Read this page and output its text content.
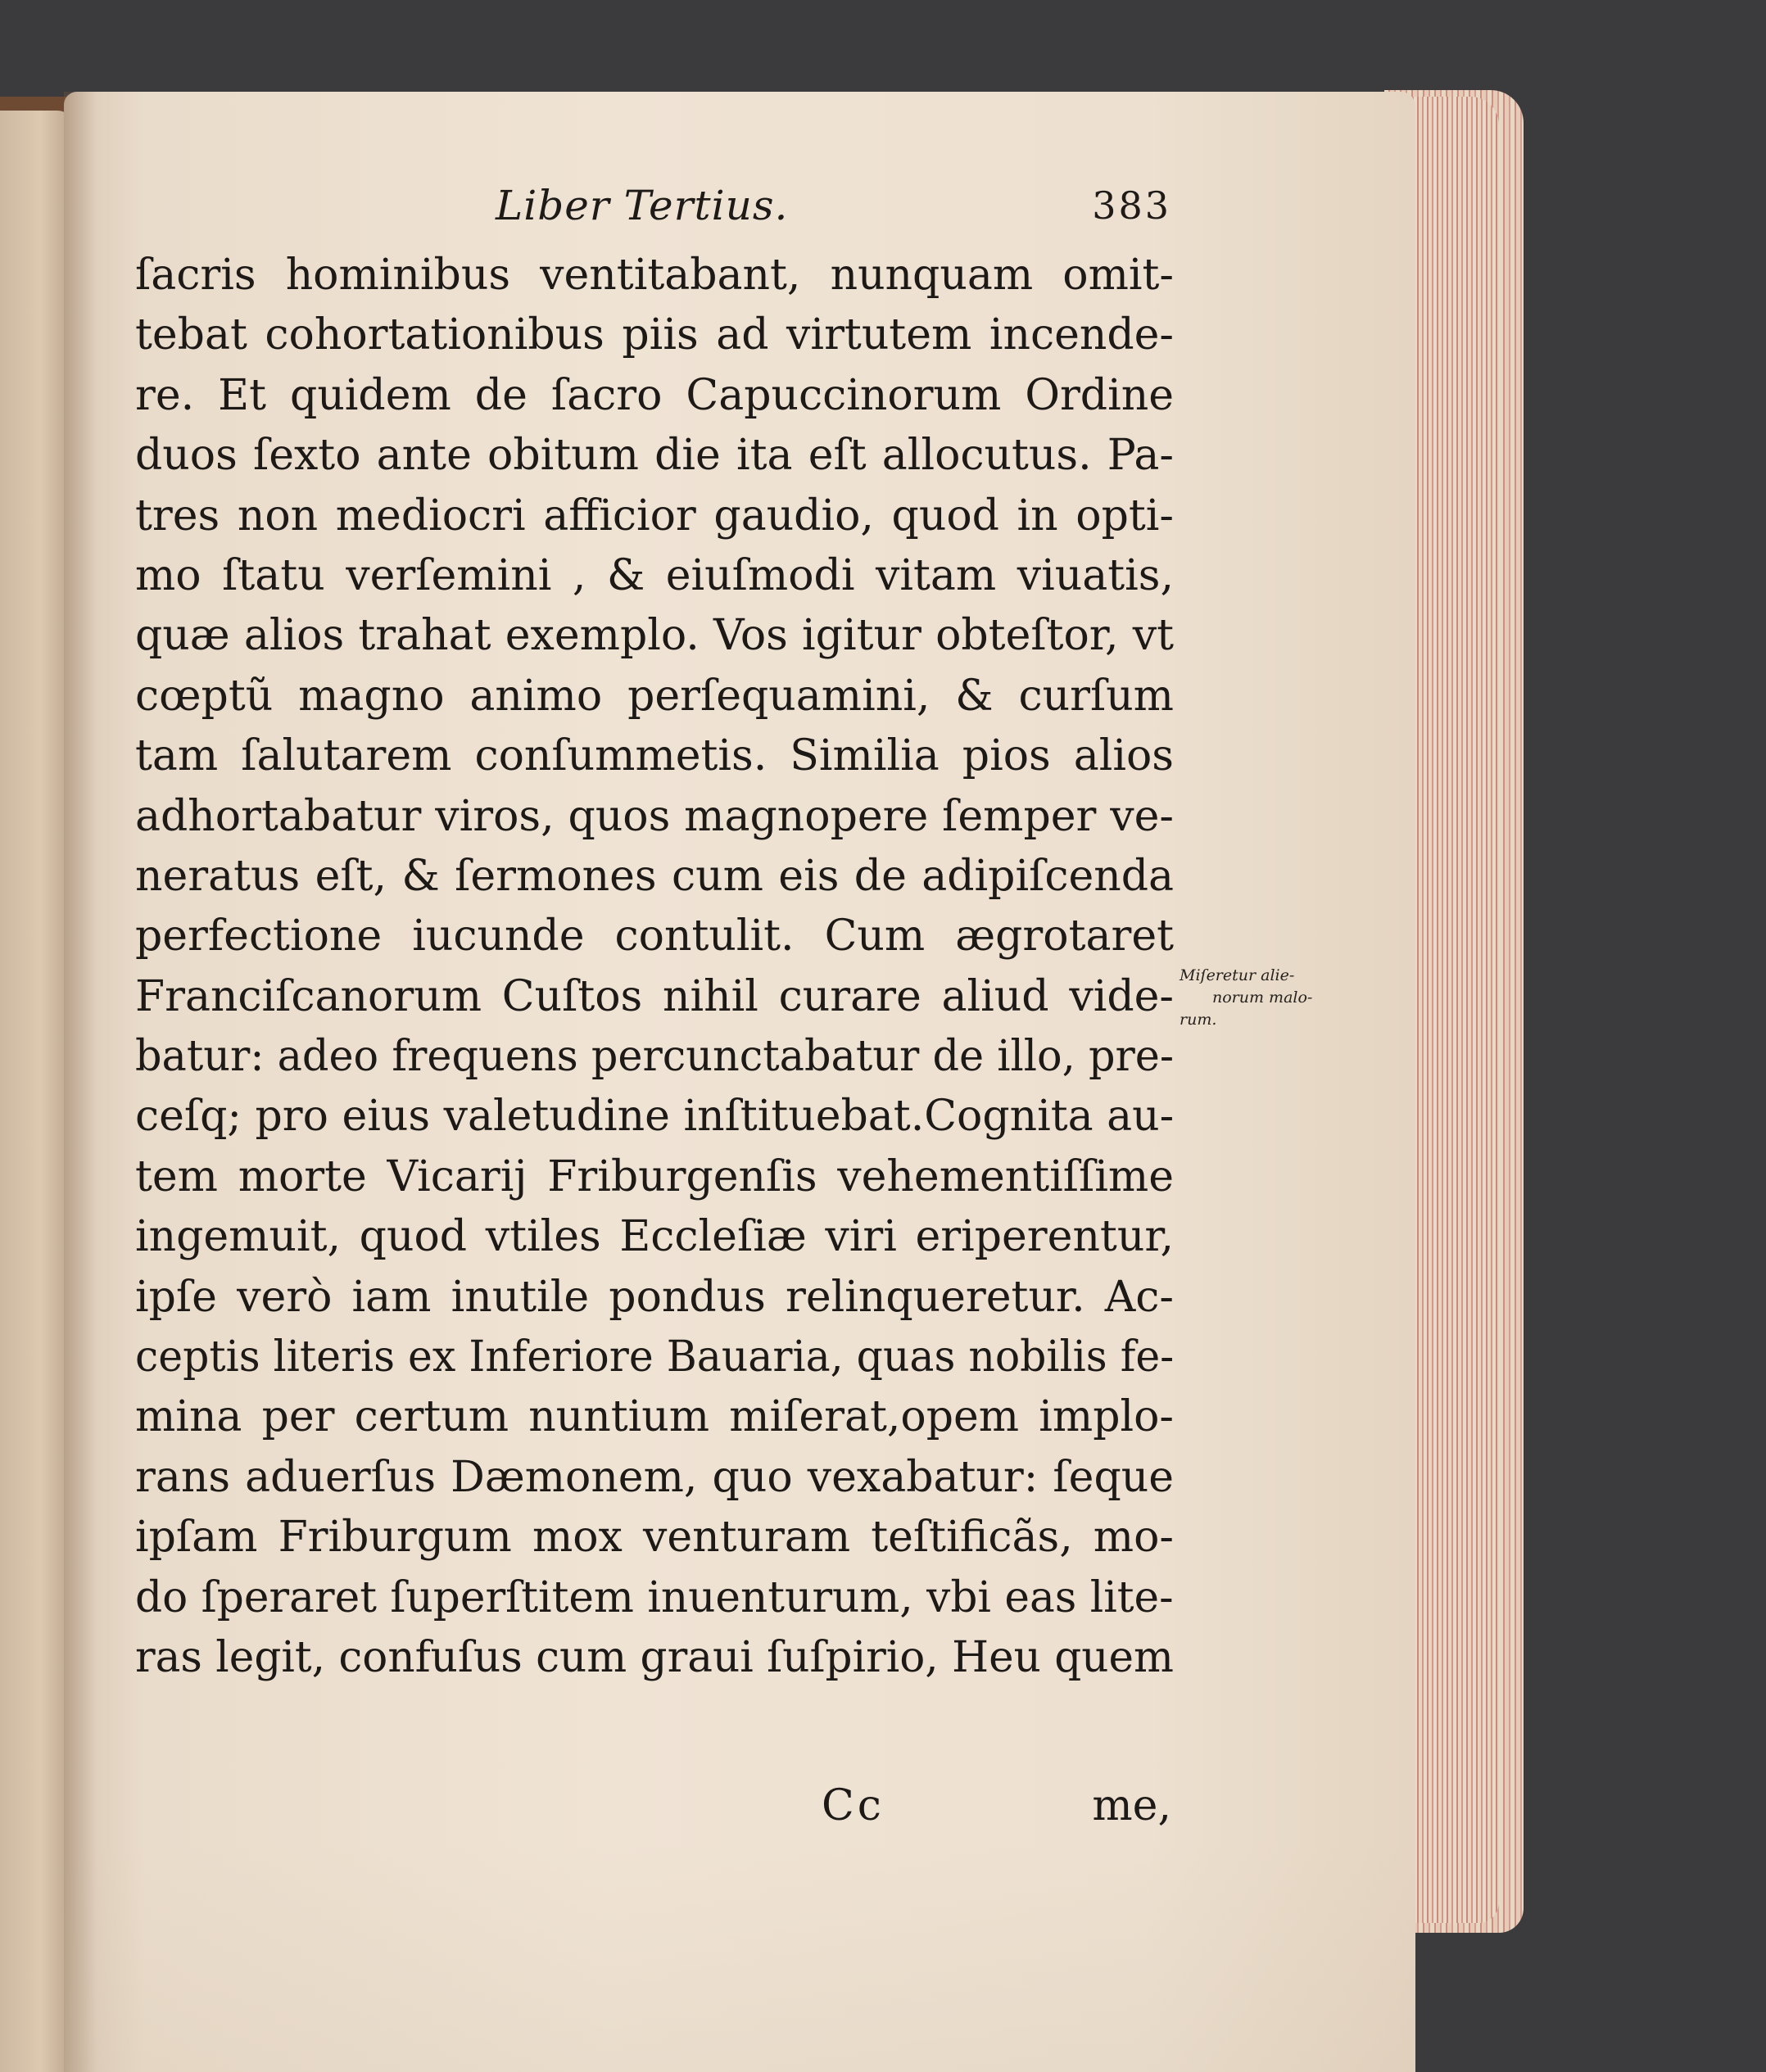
Liber Tertius.	383
ſacris hominibus ventitabant, nunquam omit-
tebat cohortationibus piis ad virtutem incende-
re. Et quidem de ſacro Capuccinorum Ordine
duos ſexto ante obitum die ita eſt allocutus. Pa-
tres non mediocri afficior gaudio, quod in opti-
mo ſtatu verſemini , & eiuſmodi vitam viuatis,
quæ alios trahat exemplo. Vos igitur obteſtor, vt
cœptũ magno animo perſequamini, & curſum
tam ſalutarem conſummetis. Similia pios alios
adhortabatur viros, quos magnopere ſemper ve-
neratus eſt, & ſermones cum eis de adipiſcenda
perfectione iucunde contulit. Cum ægrotaret
Franciſcanorum Cuſtos nihil curare aliud vide-
batur: adeo frequens percunctabatur de illo, pre-
ceſq; pro eius valetudine inſtituebat.Cognita au-
tem morte Vicarij Friburgenſis vehementiſſime
ingemuit, quod vtiles Eccleſiæ viri eriperentur,
ipſe verò iam inutile pondus relinqueretur. Ac-
ceptis literis ex Inferiore Bauaria, quas nobilis fe-
mina per certum nuntium miſerat,opem implo-
rans aduerſus Dæmonem, quo vexabatur: ſeque
ipſam Friburgum mox venturam teſtificãs, mo-
do ſperaret ſuperſtitem inuenturum, vbi eas lite-
ras legit, confuſus cum graui ſuſpirio, Heu quem
Miſeretur alie-
norum malo-
rum.
Cc	me,
